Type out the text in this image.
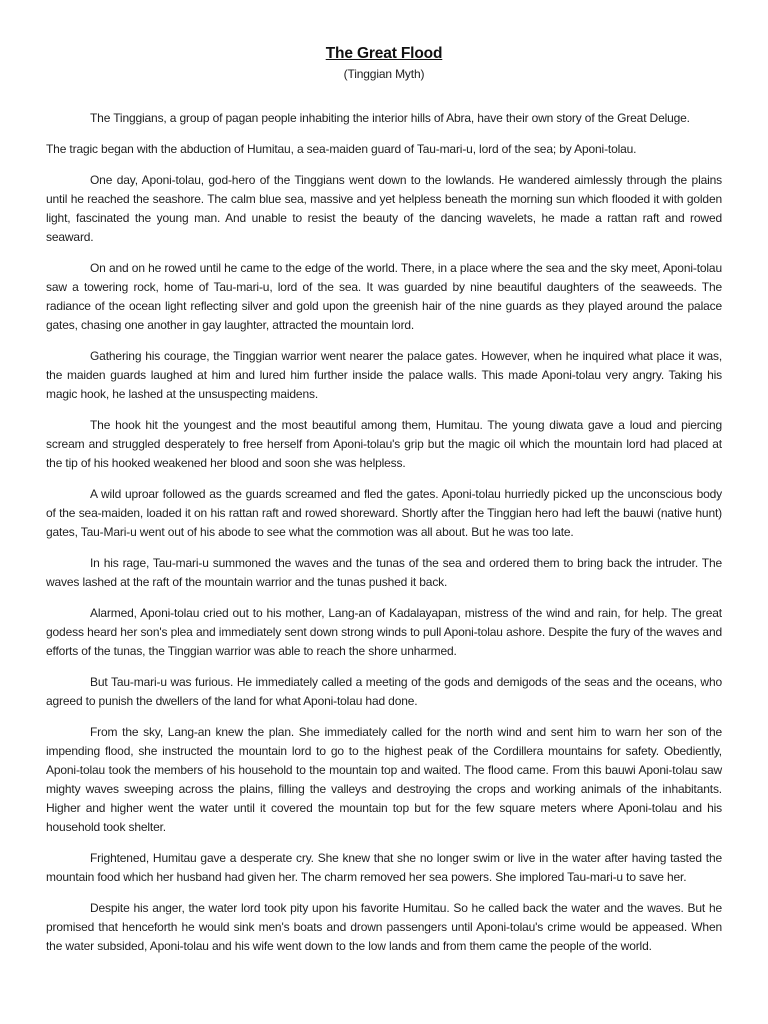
The Great Flood
(Tinggian Myth)

The Tinggians, a group of pagan people inhabiting the interior hills of Abra, have their own story of the Great Deluge.

The tragic began with the abduction of Humitau, a sea-maiden guard of Tau-mari-u, lord of the sea; by Aponi-tolau.

One day, Aponi-tolau, god-hero of the Tinggians went down to the lowlands. He wandered aimlessly through the plains until he reached the seashore. The calm blue sea, massive and yet helpless beneath the morning sun which flooded it with golden light, fascinated the young man. And unable to resist the beauty of the dancing wavelets, he made a rattan raft and rowed seaward.

On and on he rowed until he came to the edge of the world. There, in a place where the sea and the sky meet, Aponi-tolau saw a towering rock, home of Tau-mari-u, lord of the sea. It was guarded by nine beautiful daughters of the seaweeds. The radiance of the ocean light reflecting silver and gold upon the greenish hair of the nine guards as they played around the palace gates, chasing one another in gay laughter, attracted the mountain lord.

Gathering his courage, the Tinggian warrior went nearer the palace gates. However, when he inquired what place it was, the maiden guards laughed at him and lured him further inside the palace walls. This made Aponi-tolau very angry. Taking his magic hook, he lashed at the unsuspecting maidens.

The hook hit the youngest and the most beautiful among them, Humitau. The young diwata gave a loud and piercing scream and struggled desperately to free herself from Aponi-tolau's grip but the magic oil which the mountain lord had placed at the tip of his hooked weakened her blood and soon she was helpless.

A wild uproar followed as the guards screamed and fled the gates. Aponi-tolau hurriedly picked up the unconscious body of the sea-maiden, loaded it on his rattan raft and rowed shoreward. Shortly after the Tinggian hero had left the bauwi (native hunt) gates, Tau-Mari-u went out of his abode to see what the commotion was all about. But he was too late.

In his rage, Tau-mari-u summoned the waves and the tunas of the sea and ordered them to bring back the intruder. The waves lashed at the raft of the mountain warrior and the tunas pushed it back.

Alarmed, Aponi-tolau cried out to his mother, Lang-an of Kadalayapan, mistress of the wind and rain, for help. The great godess heard her son's plea and immediately sent down strong winds to pull Aponi-tolau ashore. Despite the fury of the waves and efforts of the tunas, the Tinggian warrior was able to reach the shore unharmed.

But Tau-mari-u was furious. He immediately called a meeting of the gods and demigods of the seas and the oceans, who agreed to punish the dwellers of the land for what Aponi-tolau had done.

From the sky, Lang-an knew the plan. She immediately called for the north wind and sent him to warn her son of the impending flood, she instructed the mountain lord to go to the highest peak of the Cordillera mountains for safety. Obediently, Aponi-tolau took the members of his household to the mountain top and waited. The flood came. From this bauwi Aponi-tolau saw mighty waves sweeping across the plains, filling the valleys and destroying the crops and working animals of the inhabitants. Higher and higher went the water until it covered the mountain top but for the few square meters where Aponi-tolau and his household took shelter.

Frightened, Humitau gave a desperate cry. She knew that she no longer swim or live in the water after having tasted the mountain food which her husband had given her. The charm removed her sea powers. She implored Tau-mari-u to save her.

Despite his anger, the water lord took pity upon his favorite Humitau. So he called back the water and the waves. But he promised that henceforth he would sink men's boats and drown passengers until Aponi-tolau's crime would be appeased. When the water subsided, Aponi-tolau and his wife went down to the low lands and from them came the people of the world.
